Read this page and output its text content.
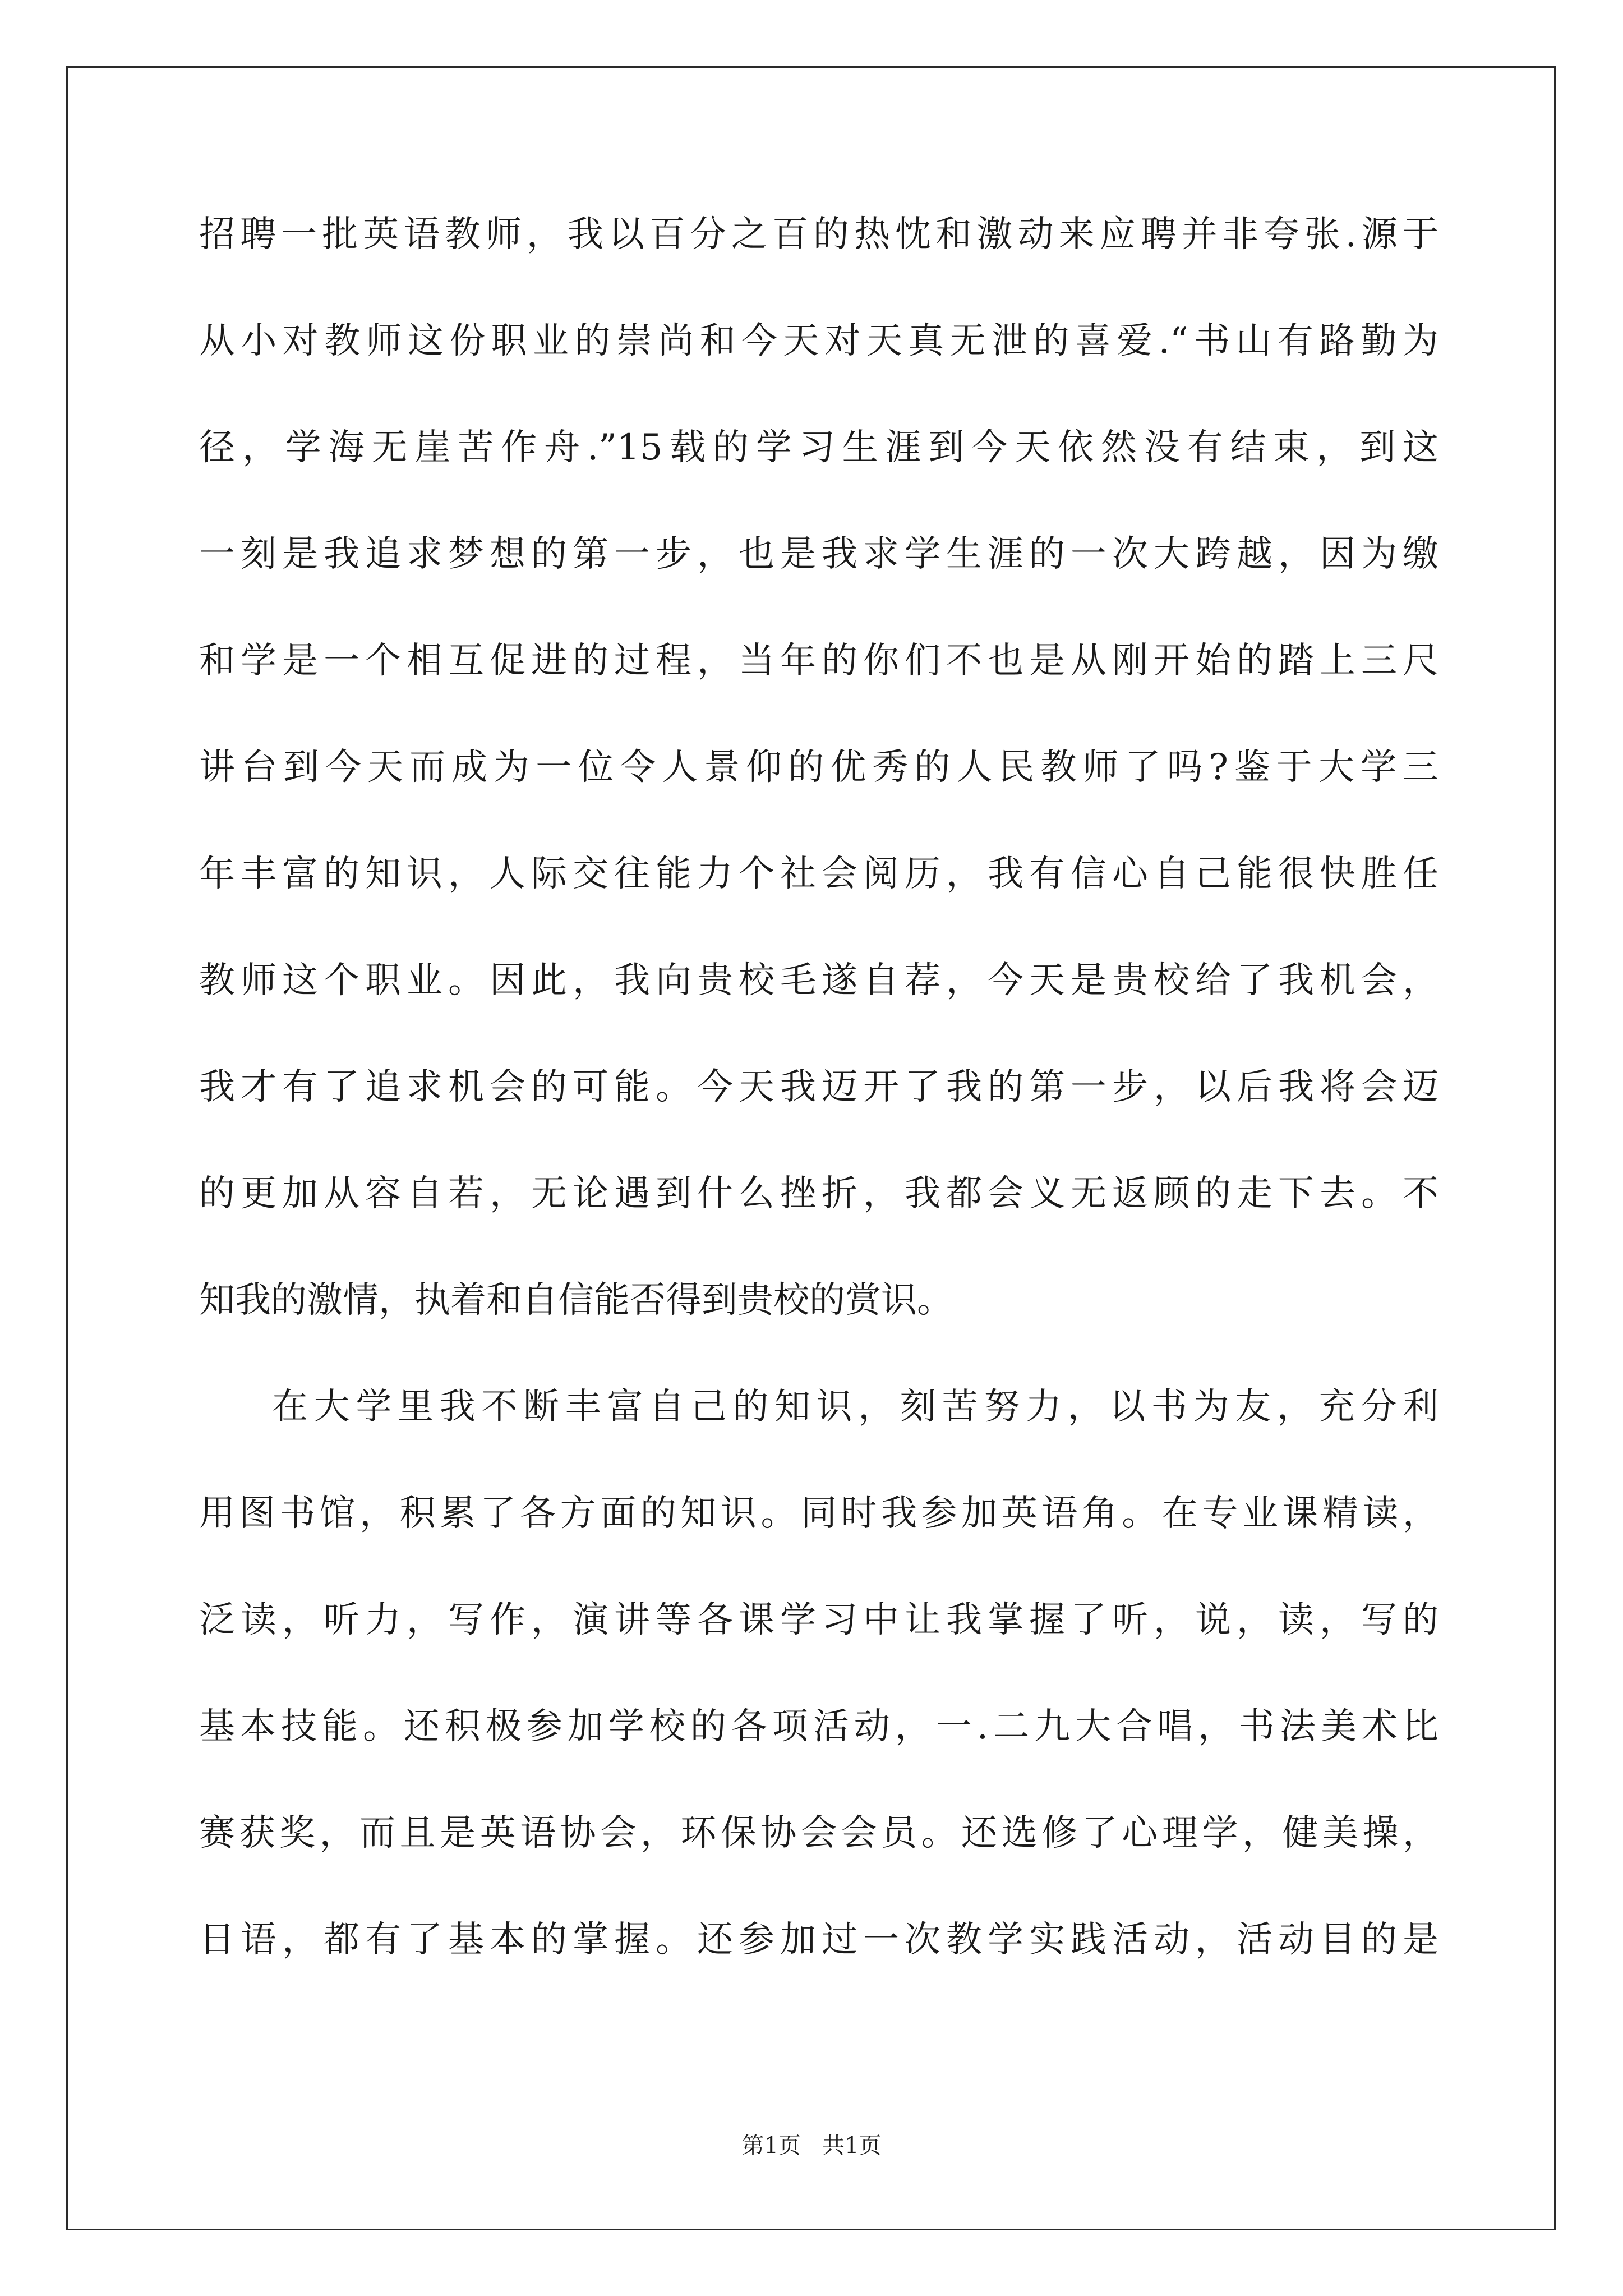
招聘一批英语教师，我以百分之百的热忱和激动来应聘并非夸张.源于
从小对教师这份职业的崇尚和今天对天真无泄的喜爱.“书山有路勤为
径，学海无崖苦作舟.”15载的学习生涯到今天依然没有结束，到这
一刻是我追求梦想的第一步，也是我求学生涯的一次大跨越，因为缴
和学是一个相互促进的过程，当年的你们不也是从刚开始的踏上三尺
讲台到今天而成为一位令人景仰的优秀的人民教师了吗?鉴于大学三
年丰富的知识，人际交往能力个社会阅历，我有信心自己能很快胜任
教师这个职业。因此，我向贵校毛遂自荐，今天是贵校给了我机会，
我才有了追求机会的可能。今天我迈开了我的第一步，以后我将会迈
的更加从容自若，无论遇到什么挫折，我都会义无返顾的走下去。不
知我的激情，执着和自信能否得到贵校的赏识。
在大学里我不断丰富自己的知识，刻苦努力，以书为友，充分利
用图书馆，积累了各方面的知识。同时我参加英语角。在专业课精读，
泛读，听力，写作，演讲等各课学习中让我掌握了听，说，读，写的
基本技能。还积极参加学校的各项活动，一.二九大合唱，书法美术比
赛获奖，而且是英语协会，环保协会会员。还选修了心理学，健美操，
日语，都有了基本的掌握。还参加过一次教学实践活动，活动目的是
第1页   共1页
